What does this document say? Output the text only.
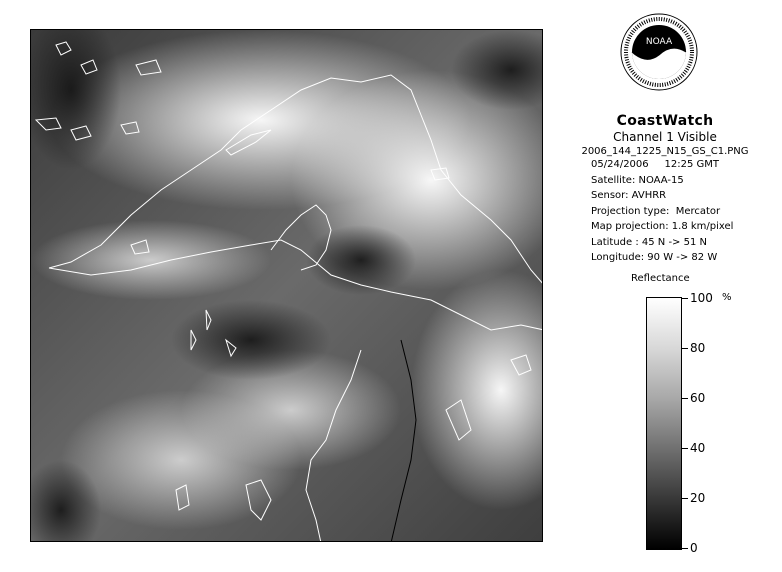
NOAA
CoastWatch
Channel 1 Visible
2006_144_1225_N15_GS_C1.PNG
05/24/2006     12:25 GMT
Satellite: NOAA-15
Sensor: AVHRR
Projection type:  Mercator
Map projection: 1.8 km/pixel
Latitude : 45 N -> 51 N
Longitude: 90 W -> 82 W
Reflectance
%
100
80
60
40
20
0
